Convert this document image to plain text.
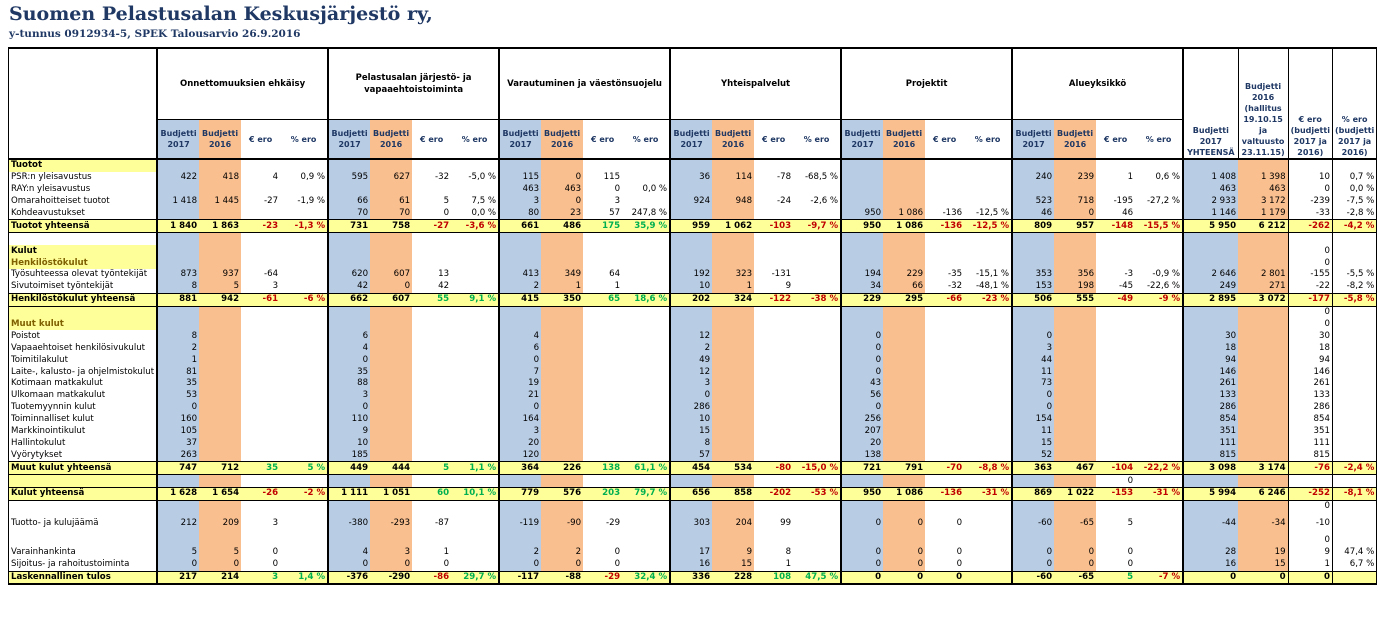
Suomen Pelastusalan Keskusjärjestö ry,
y-tunnus 0912934-5, SPEK Talousarvio 26.9.2016
	Onnettomuuksien ehkäisy				Pelastusalan järjestö- ja vapaaehtoistoiminta				Varautuminen ja väestönsuojelu				Yhteispalvelut				Projektit				Alueyksikkö				Budjetti 2017 YHTEENSÄ	Budjetti 2016 (hallitus 19.10.15 ja valtuusto 23.11.15)	€ ero (budjetti 2017 ja 2016)	% ero (budjetti 2017 ja 2016)
	Budjetti 2017	Budjetti 2016	€ ero	% ero	Budjetti 2017	Budjetti 2016	€ ero	% ero	Budjetti 2017	Budjetti 2016	€ ero	% ero	Budjetti 2017	Budjetti 2016	€ ero	% ero	Budjetti 2017	Budjetti 2016	€ ero	% ero	Budjetti 2017	Budjetti 2016	€ ero	% ero				
Tuotot																												
PSR:n yleisavustus	422	418	4	0,9 %	595	627	-32	-5,0 %	115	0	115		36	114	-78	-68,5 %					240	239	1	0,6 %	1 408	1 398	10	0,7 %
RAY:n yleisavustus									463	463	0	0,0 %													463	463	0	0,0 %
Omarahoitteiset tuotot	1 418	1 445	-27	-1,9 %	66	61	5	7,5 %	3	0	3		924	948	-24	-2,6 %					523	718	-195	-27,2 %	2 933	3 172	-239	-7,5 %
Kohdeavustukset					70	70	0	0,0 %	80	23	57	247,8 %					950	1 086	-136	-12,5 %	46	0	46		1 146	1 179	-33	-2,8 %
Tuotot yhteensä	1 840	1 863	-23	-1,3 %	731	758	-27	-3,6 %	661	486	175	35,9 %	959	1 062	-103	-9,7 %	950	1 086	-136	-12,5 %	809	957	-148	-15,5 %	5 950	6 212	-262	-4,2 %

Kulut																											0	
Henkilöstökulut																											0	
Työsuhteessa olevat työntekijät	873	937	-64		620	607	13		413	349	64		192	323	-131		194	229	-35	-15,1 %	353	356	-3	-0,9 %	2 646	2 801	-155	-5,5 %
Sivutoimiset työntekijät	8	5	3		42	0	42		2	1	1		10	1	9		34	66	-32	-48,1 %	153	198	-45	-22,6 %	249	271	-22	-8,2 %
Henkilöstökulut yhteensä	881	942	-61	-6 %	662	607	55	9,1 %	415	350	65	18,6 %	202	324	-122	-38 %	229	295	-66	-23 %	506	555	-49	-9 %	2 895	3 072	-177	-5,8 %
																											0	
Muut kulut																											0	
Poistot	8				6				4				12				0				0				30		30	
Vapaaehtoiset henkilösivukulut	2				4				6				2				0				3				18		18	
Toimitilakulut	1				0				0				49				0				44				94		94	
Laite-, kalusto- ja ohjelmistokulut	81				35				7				12				0				11				146		146	
Kotimaan matkakulut	35				88				19				3				43				73				261		261	
Ulkomaan matkakulut	53				3				21				0				56				0				133		133	
Tuotemyynnin kulut	0				0				0				286				0				0				286		286	
Toiminnalliset kulut	160				110				164				10				256				154				854		854	
Markkinointikulut	105				9				3				15				207				11				351		351	
Hallintokulut	37				10				20				8				20				15				111		111	
Vyörytykset	263				185				120				57				138				52				815		815	
Muut kulut yhteensä	747	712	35	5 %	449	444	5	1,1 %	364	226	138	61,1 %	454	534	-80	-15,0 %	721	791	-70	-8,8 %	363	467	-104	-22,2 %	3 098	3 174	-76	-2,4 %
																							0					
Kulut yhteensä	1 628	1 654	-26	-2 %	1 111	1 051	60	10,1 %	779	576	203	79,7 %	656	858	-202	-53 %	950	1 086	-136	-31 %	869	1 022	-153	-31 %	5 994	6 246	-252	-8,1 %
																											0	
Tuotto- ja kulujäämä	212	209	3		-380	-293	-87		-119	-90	-29		303	204	99		0	0	0		-60	-65	5		-44	-34	-10	
																											0	
Varainhankinta	5	5	0		4	3	1		2	2	0		17	9	8		0	0	0		0	0	0		28	19	9	47,4 %
Sijoitus- ja rahoitustoiminta	0	0	0		0	0	0		0	0	0		16	15	1		0	0	0		0	0	0		16	15	1	6,7 %
Laskennallinen tulos	217	214	3	1,4 %	-376	-290	-86	29,7 %	-117	-88	-29	32,4 %	336	228	108	47,5 %	0	0	0		-60	-65	5	-7 %	0	0	0	
